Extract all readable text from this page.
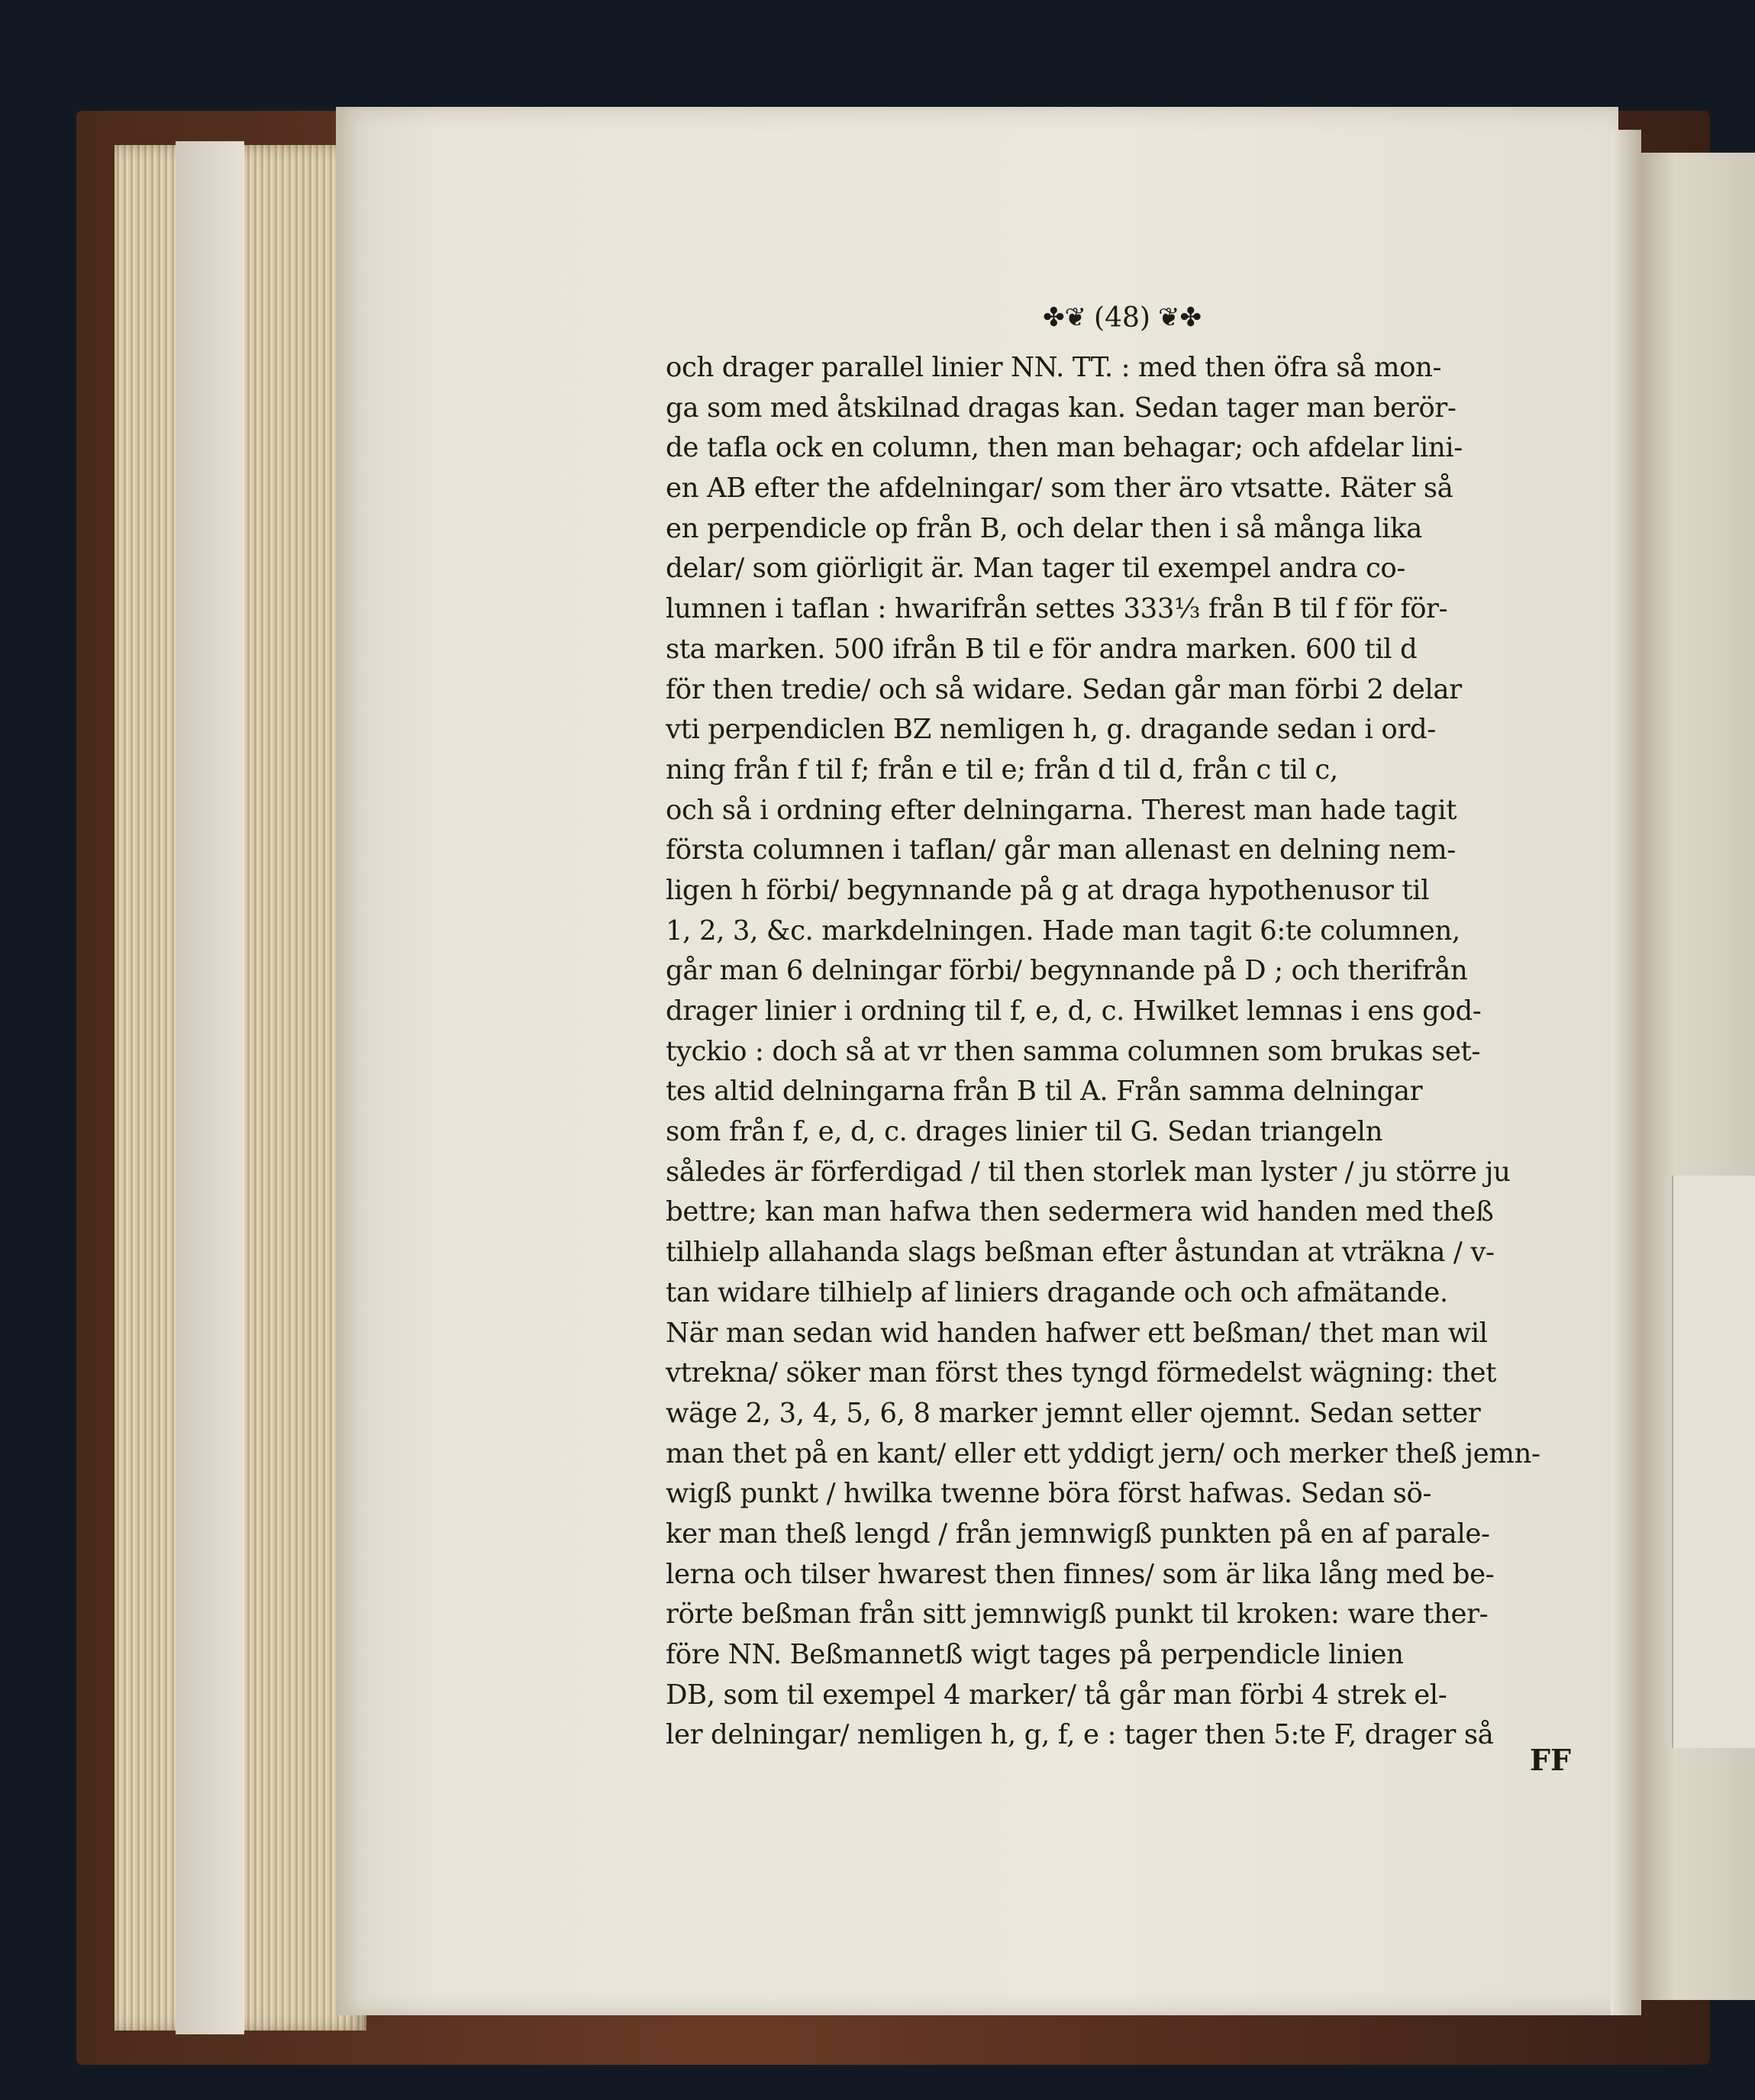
✤❦ (48) ❦✤
och drager parallel linier NN. TT. : med then öfra så mon-
ga som med åtskilnad dragas kan. Sedan tager man berör-
de tafla ock en column, then man behagar; och afdelar lini-
en AB efter the afdelningar/ som ther äro vtsatte. Räter så
en perpendicle op från B, och delar then i så många lika
delar/ som giörligit är. Man tager til exempel andra co-
lumnen i taflan : hwarifrån settes 333⅓ från B til f för för-
sta marken. 500 ifrån B til e för andra marken. 600 til d
för then tredie/ och så widare. Sedan går man förbi 2 delar
vti perpendiclen BZ nemligen h, g. dragande sedan i ord-
ning från f til f; från e til e; från d til d, från c til c,
och så i ordning efter delningarna. Therest man hade tagit
första columnen i taflan/ går man allenast en delning nem-
ligen h förbi/ begynnande på g at draga hypothenusor til
1, 2, 3, &c. markdelningen. Hade man tagit 6:te columnen,
går man 6 delningar förbi/ begynnande på D ; och therifrån
drager linier i ordning til f, e, d, c. Hwilket lemnas i ens god-
tyckio : doch så at vr then samma columnen som brukas set-
tes altid delningarna från B til A. Från samma delningar
som från f, e, d, c. drages linier til G. Sedan triangeln
således är förferdigad / til then storlek man lyster / ju större ju
bettre; kan man hafwa then sedermera wid handen med theß
tilhielp allahanda slags beßman efter åstundan at vträkna / v-
tan widare tilhielp af liniers dragande och och afmätande.
När man sedan wid handen hafwer ett beßman/ thet man wil
vtrekna/ söker man först thes tyngd förmedelst wägning: thet
wäge 2, 3, 4, 5, 6, 8 marker jemnt eller ojemnt. Sedan setter
man thet på en kant/ eller ett yddigt jern/ och merker theß jemn-
wigß punkt / hwilka twenne böra först hafwas. Sedan sö-
ker man theß lengd / från jemnwigß punkten på en af parale-
lerna och tilser hwarest then finnes/ som är lika lång med be-
rörte beßman från sitt jemnwigß punkt til kroken: ware ther-
före NN. Beßmannetß wigt tages på perpendicle linien
DB, som til exempel 4 marker/ tå går man förbi 4 strek el-
ler delningar/ nemligen h, g, f, e : tager then 5:te F, drager så
FF
